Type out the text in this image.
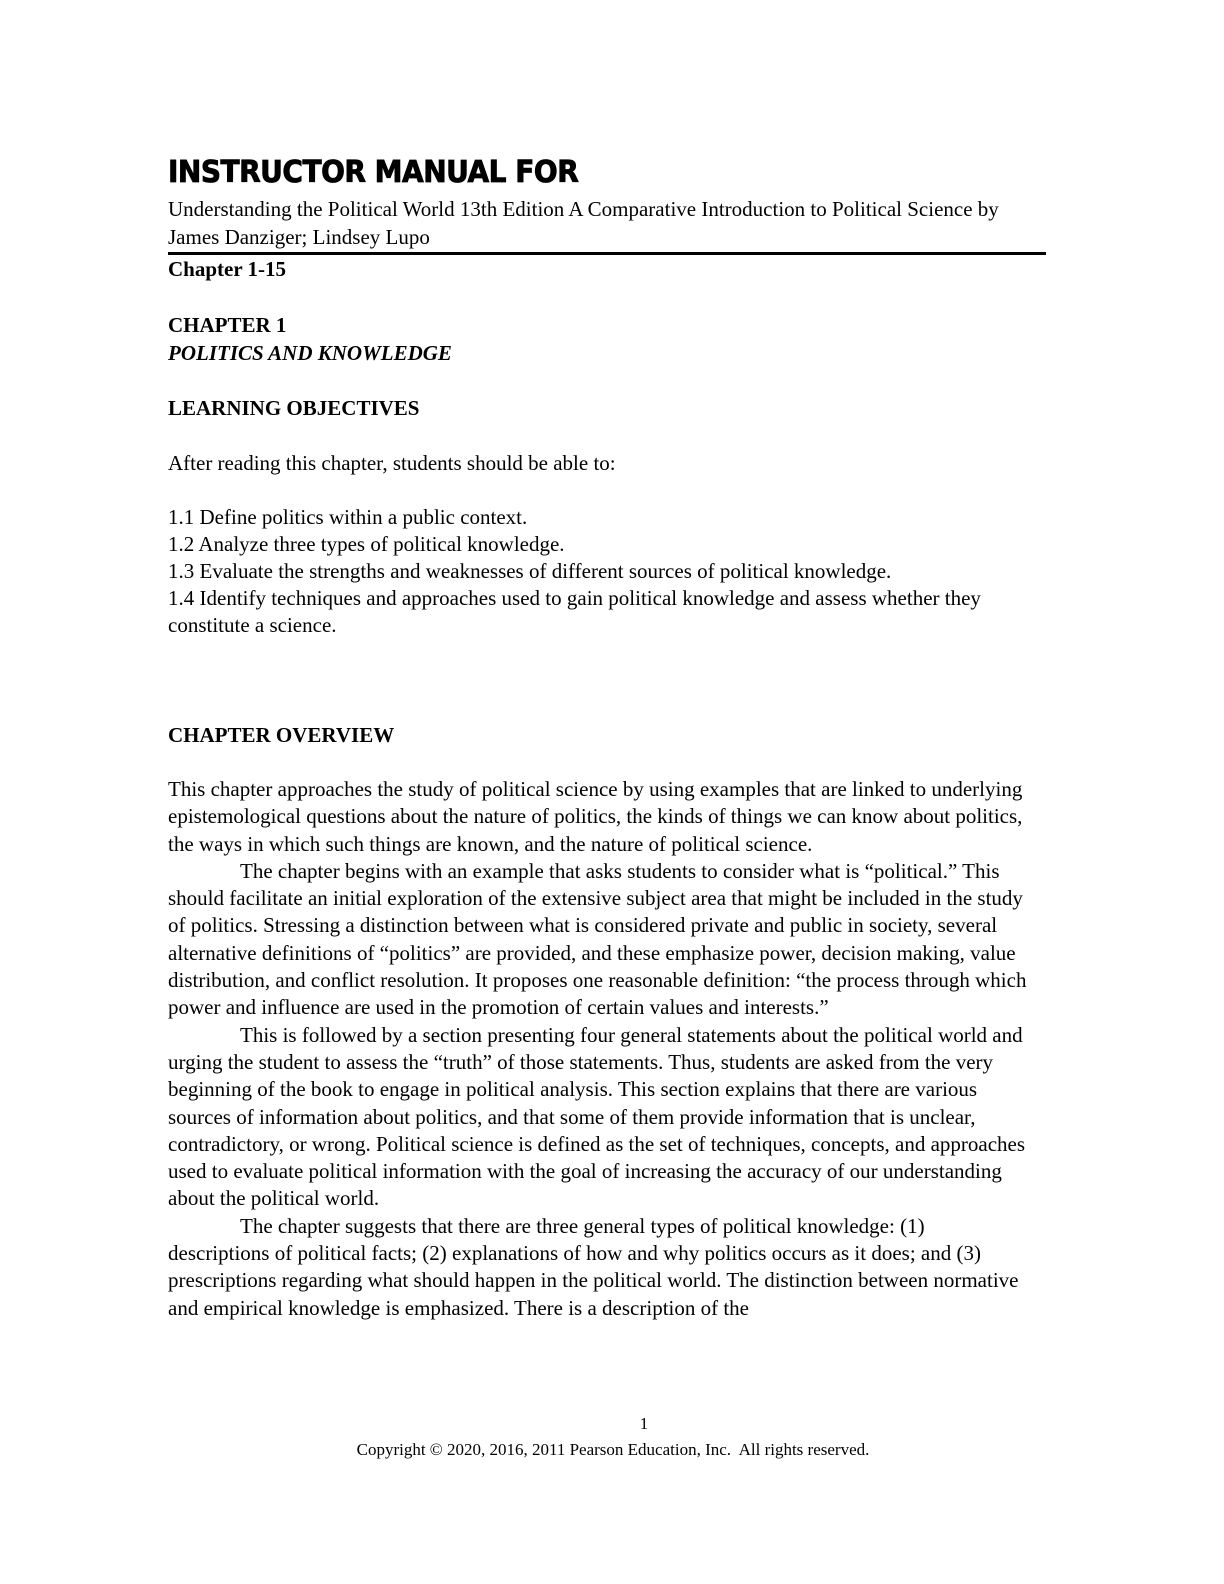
INSTRUCTOR MANUAL FOR

Understanding the Political World 13th Edition A Comparative Introduction to Political Science by James Danziger; Lindsey Lupo

Chapter 1-15

CHAPTER 1

POLITICS AND KNOWLEDGE

LEARNING OBJECTIVES

After reading this chapter, students should be able to:

1.1 Define politics within a public context.
1.2 Analyze three types of political knowledge.
1.3 Evaluate the strengths and weaknesses of different sources of political knowledge.
1.4 Identify techniques and approaches used to gain political knowledge and assess whether they constitute a science.

CHAPTER OVERVIEW

This chapter approaches the study of political science by using examples that are linked to underlying epistemological questions about the nature of politics, the kinds of things we can know about politics, the ways in which such things are known, and the nature of political science.

The chapter begins with an example that asks students to consider what is “political.” This should facilitate an initial exploration of the extensive subject area that might be included in the study of politics. Stressing a distinction between what is considered private and public in society, several alternative definitions of “politics” are provided, and these emphasize power, decision making, value distribution, and conflict resolution. It proposes one reasonable definition: “the process through which power and influence are used in the promotion of certain values and interests.”

This is followed by a section presenting four general statements about the political world and urging the student to assess the “truth” of those statements. Thus, students are asked from the very beginning of the book to engage in political analysis. This section explains that there are various sources of information about politics, and that some of them provide information that is unclear, contradictory, or wrong. Political science is defined as the set of techniques, concepts, and approaches used to evaluate political information with the goal of increasing the accuracy of our understanding about the political world.

The chapter suggests that there are three general types of political knowledge: (1) descriptions of political facts; (2) explanations of how and why politics occurs as it does; and (3) prescriptions regarding what should happen in the political world. The distinction between normative and empirical knowledge is emphasized. There is a description of the

1
Copyright © 2020, 2016, 2011 Pearson Education, Inc.  All rights reserved.
